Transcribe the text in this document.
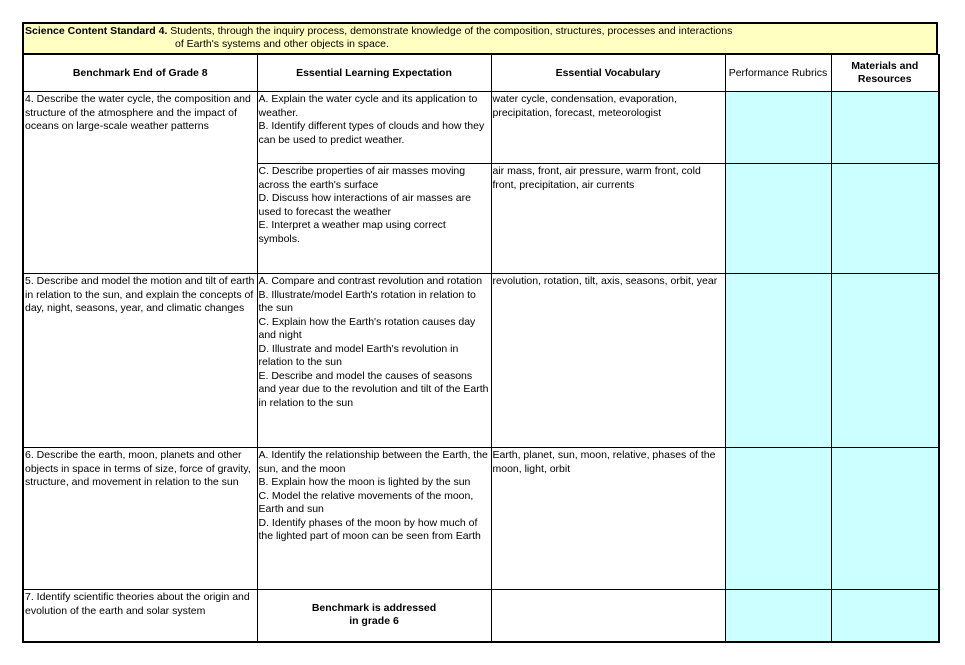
Science Content Standard 4. Students, through the inquiry process, demonstrate knowledge of the composition, structures, processes and interactions
of Earth's systems and other objects in space.
Benchmark End of Grade 8	Essential Learning Expectation	Essential Vocabulary	Performance Rubrics	Materials and Resources
4. Describe the water cycle, the composition and structure of the atmosphere and the impact of oceans on large-scale weather patterns	A. Explain the water cycle and its application to weather.
B. Identify different types of clouds and how they can be used to predict weather.	water cycle, condensation, evaporation, precipitation, forecast, meteorologist		

	C. Describe properties of air masses moving across the earth's surface
D. Discuss how interactions of air masses are used to forecast the weather
E. Interpret a weather map using correct symbols.	air mass, front, air pressure, warm front, cold front, precipitation, air currents		
5. Describe and model the motion and tilt of earth in relation to the sun, and explain the concepts of day, night, seasons, year, and climatic changes	A. Compare and contrast revolution and rotation
B. Illustrate/model Earth's rotation in relation to the sun
C. Explain how the Earth's rotation causes day and night
D. Illustrate and model Earth's revolution in relation to the sun
E. Describe and model the causes of seasons and year due to the revolution and tilt of the Earth in relation to the sun	revolution, rotation, tilt, axis, seasons, orbit, year		
6. Describe the earth, moon, planets and other objects in space in terms of size, force of gravity, structure, and movement in relation to the sun	A. Identify the relationship between the Earth, the sun, and the moon
B. Explain how the moon is lighted by the sun
C. Model the relative movements of the moon, Earth and sun
D. Identify phases of the moon by how much of the lighted part of moon can be seen from Earth	Earth, planet, sun, moon, relative, phases of the moon, light, orbit		
7. Identify scientific theories about the origin and evolution of the earth and solar system	Benchmark is addressed
in grade 6			
